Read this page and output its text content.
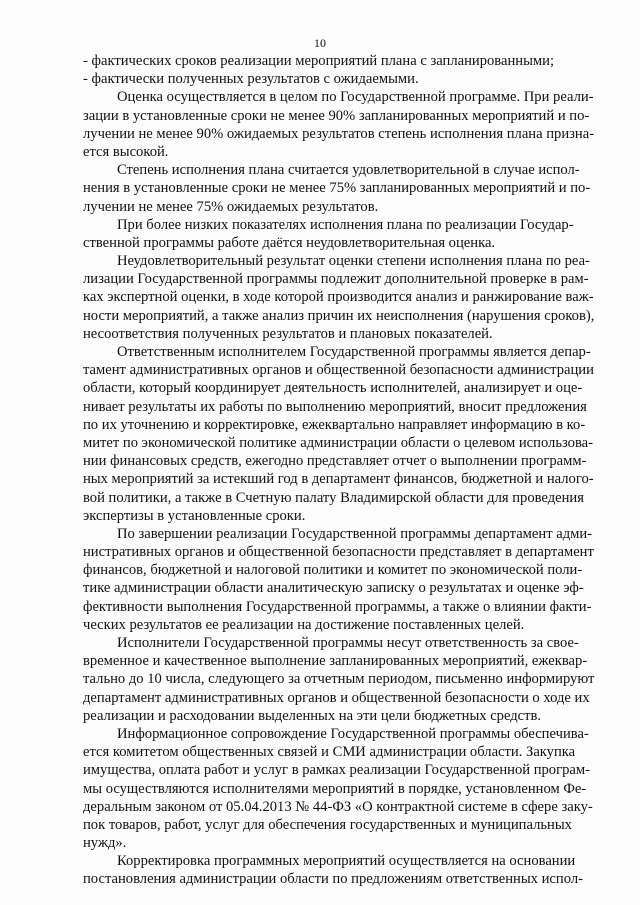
10
- фактических сроков реализации мероприятий плана с запланированными;
- фактически полученных результатов с ожидаемыми.
Оценка осуществляется в целом по Государственной программе. При реали-
зации в установленные сроки не менее 90% запланированных мероприятий и по-
лучении не менее 90% ожидаемых результатов степень исполнения плана призна-
ется высокой.
Степень исполнения плана считается удовлетворительной в случае испол-
нения в установленные сроки не менее 75% запланированных мероприятий и по-
лучении не менее 75% ожидаемых результатов.
При более низких показателях исполнения плана по реализации Государ-
ственной программы работе даётся неудовлетворительная оценка.
Неудовлетворительный результат оценки степени исполнения плана по реа-
лизации Государственной программы подлежит дополнительной проверке в рам-
ках экспертной оценки, в ходе которой производится анализ и ранжирование важ-
ности мероприятий, а также анализ причин их неисполнения (нарушения сроков),
несоответствия полученных результатов и плановых показателей.
Ответственным исполнителем Государственной программы является депар-
тамент административных органов и общественной безопасности администрации
области, который координирует деятельность исполнителей, анализирует и оце-
нивает результаты их работы по выполнению мероприятий, вносит предложения
по их уточнению и корректировке, ежеквартально направляет информацию в ко-
митет по экономической политике администрации области о целевом использова-
нии финансовых средств, ежегодно представляет отчет о выполнении программ-
ных мероприятий за истекший год в департамент финансов, бюджетной и налого-
вой политики, а также в Счетную палату Владимирской области для проведения
экспертизы в установленные сроки.
По завершении реализации Государственной программы департамент адми-
нистративных органов и общественной безопасности представляет в департамент
финансов, бюджетной и налоговой политики и комитет по экономической поли-
тике администрации области аналитическую записку о результатах и оценке эф-
фективности выполнения Государственной программы, а также о влиянии факти-
ческих результатов ее реализации на достижение поставленных целей.
Исполнители Государственной программы несут ответственность за свое-
временное и качественное выполнение запланированных мероприятий, ежеквар-
тально до 10 числа, следующего за отчетным периодом, письменно информируют
департамент административных органов и общественной безопасности о ходе их
реализации и расходовании выделенных на эти цели бюджетных средств.
Информационное сопровождение Государственной программы обеспечива-
ется комитетом общественных связей и СМИ администрации области. Закупка
имущества, оплата работ и услуг в рамках реализации Государственной програм-
мы осуществляются исполнителями мероприятий в порядке, установленном Фе-
деральным законом от 05.04.2013 № 44-ФЗ «О контрактной системе в сфере заку-
пок товаров, работ, услуг для обеспечения государственных и муниципальных
нужд».
Корректировка программных мероприятий осуществляется на основании
постановления администрации области по предложениям ответственных испол-
